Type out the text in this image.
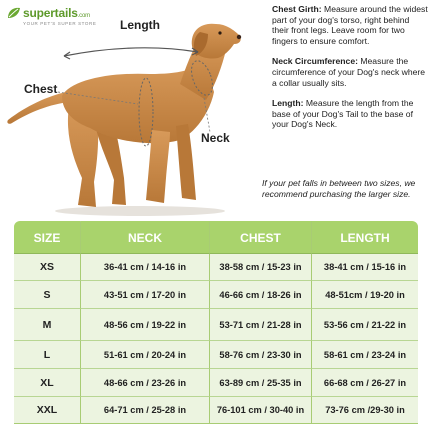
supertails.com
YOUR PET'S SUPER STORE Length
Chest
Neck

Chest Girth: Measure around the widest part of your dog's torso, right behind their front legs. Leave room for two fingers to ensure comfort.

Neck Circumference: Measure the circumference of your Dog's neck where a collar usually sits.

Length: Measure the length from the base of your Dog's Tail to the base of your Dog's Neck.

If your pet falls in between two sizes, we recommend purchasing the larger size.
SIZE	NECK	CHEST	LENGTH
XS	36-41 cm / 14-16 in	38-58 cm / 15-23 in	38-41 cm / 15-16 in
S	43-51 cm / 17-20 in	46-66 cm / 18-26 in	48-51cm / 19-20 in
M	48-56 cm / 19-22 in	53-71 cm / 21-28 in	53-56 cm / 21-22 in
L	51-61 cm / 20-24 in	58-76 cm / 23-30 in	58-61 cm / 23-24 in
XL	48-66 cm / 23-26 in	63-89 cm / 25-35 in	66-68 cm / 26-27 in
XXL	64-71 cm / 25-28 in	76-101 cm / 30-40 in	73-76 cm /29-30 in
